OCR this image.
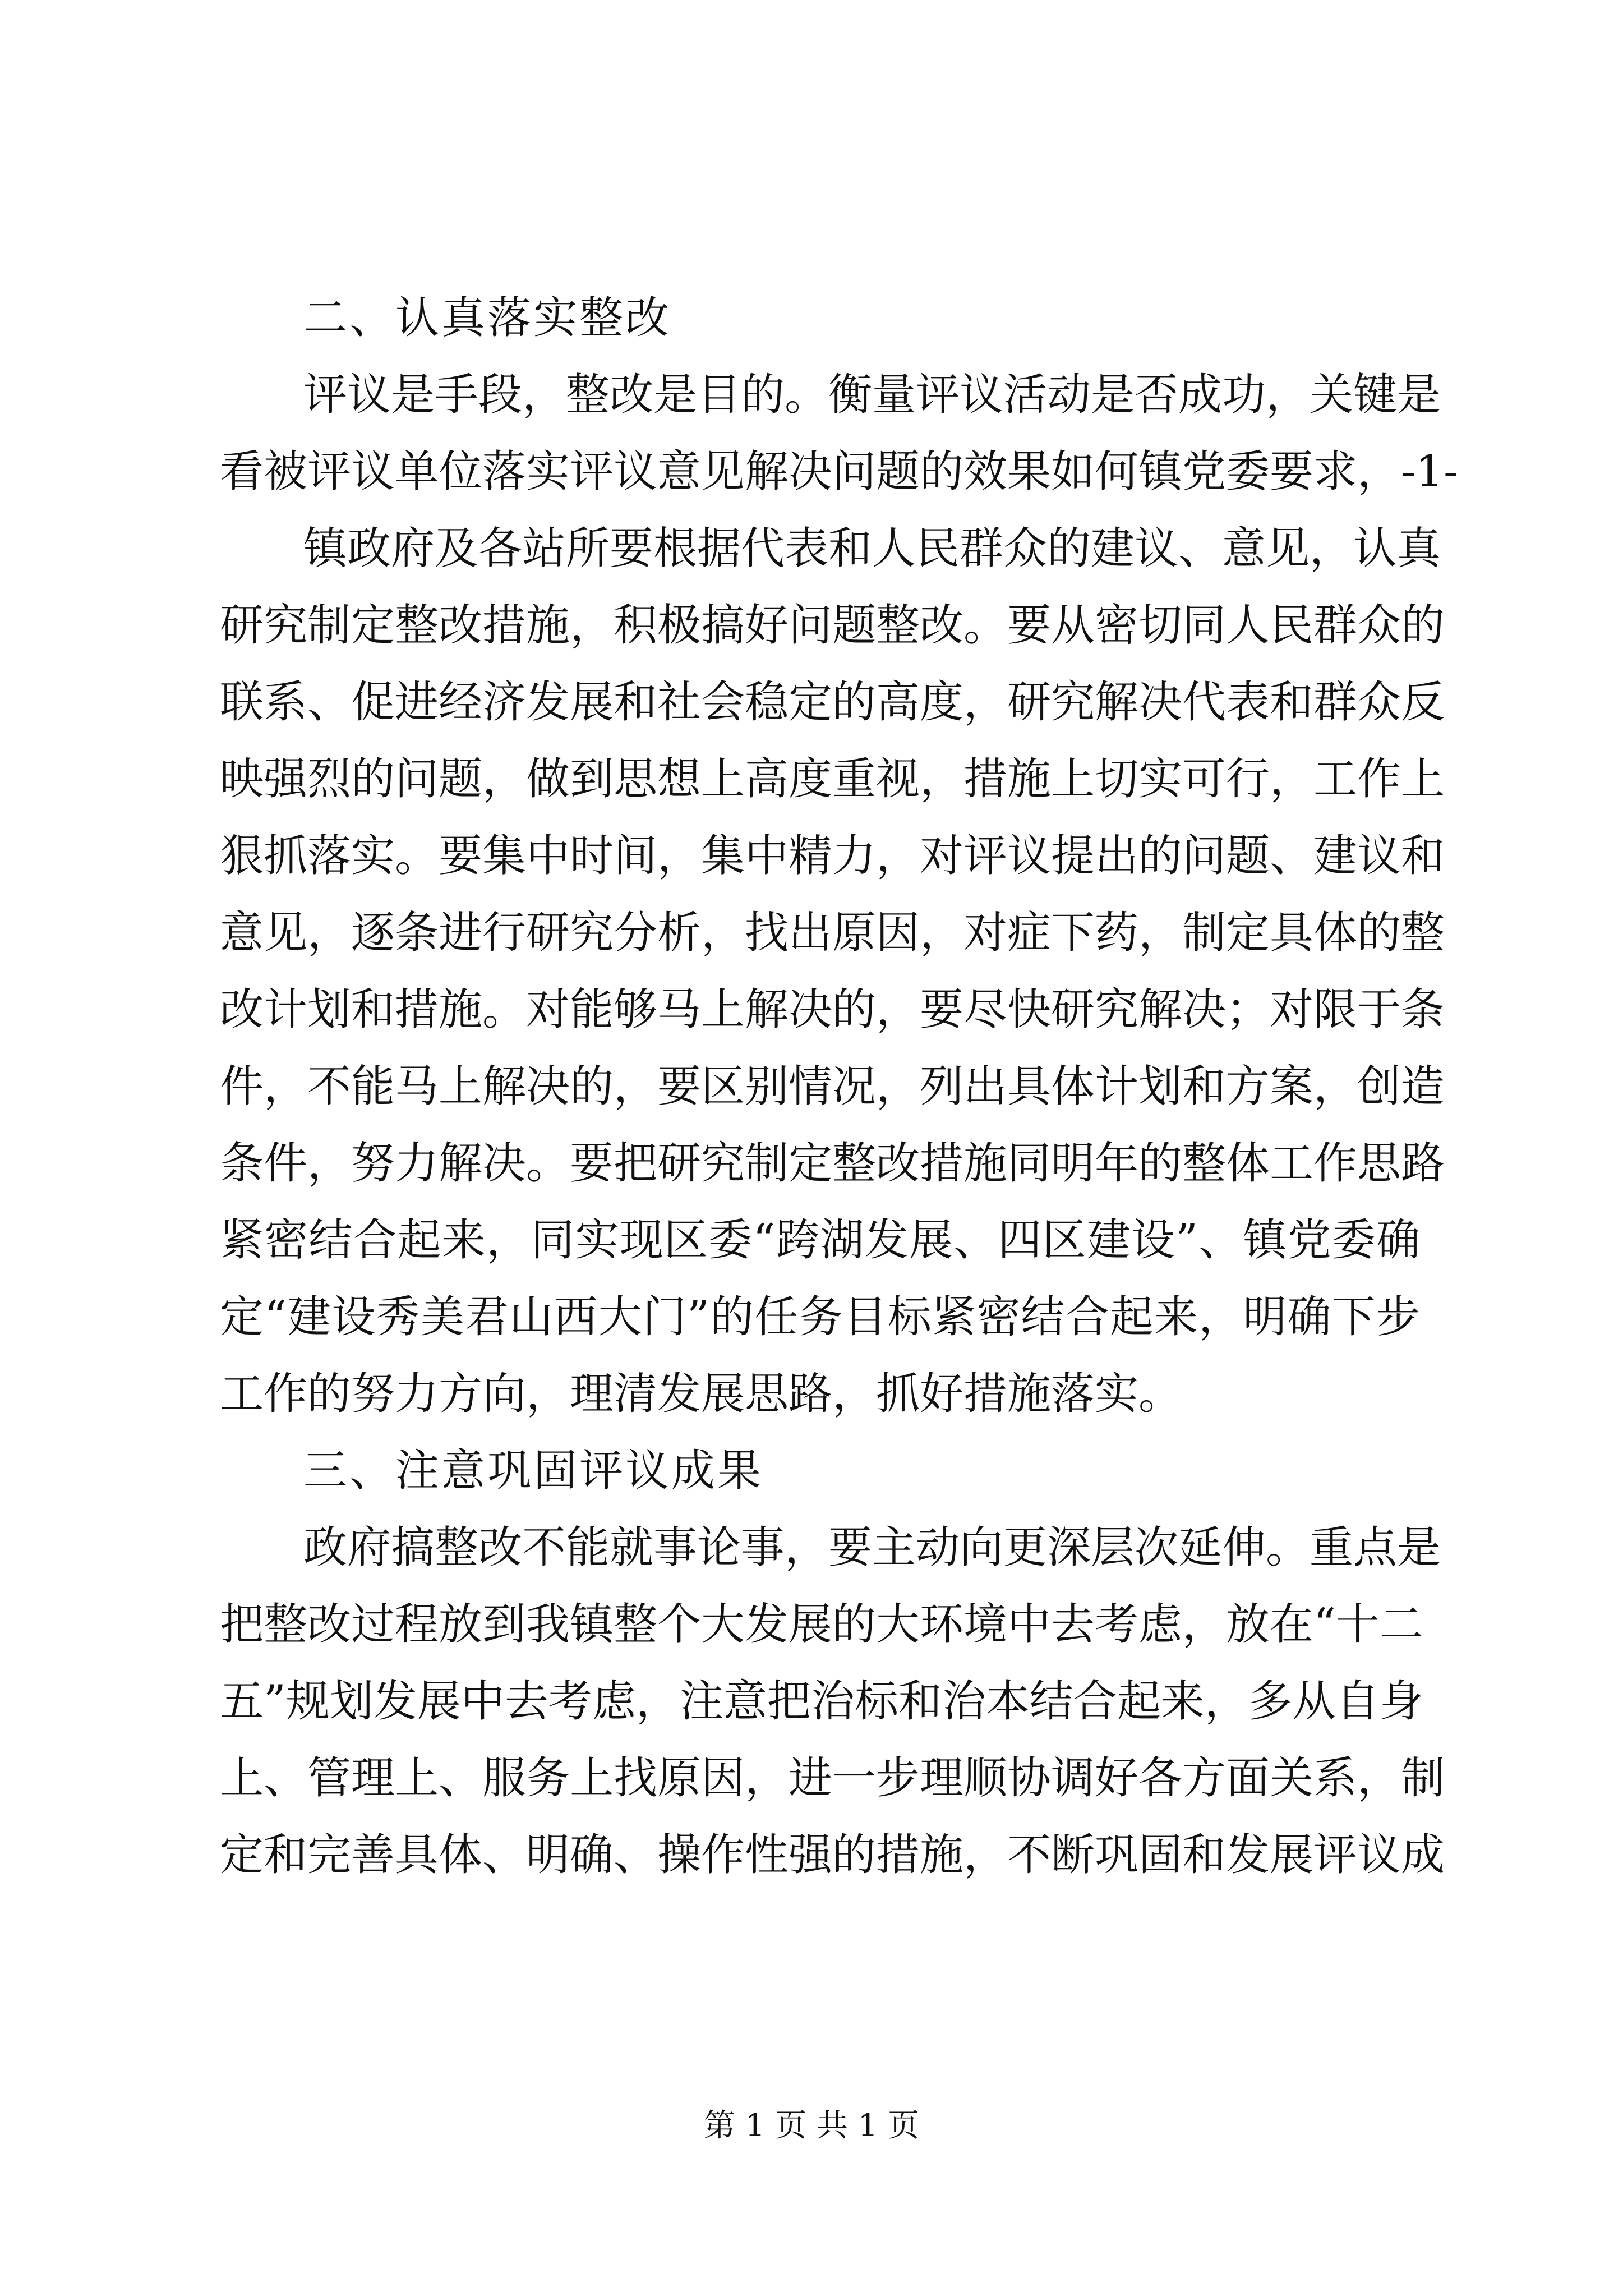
二、认真落实整改
评议是手段，整改是目的。衡量评议活动是否成功，关键是
看被评议单位落实评议意见解决问题的效果如何镇党委要求，-1-
镇政府及各站所要根据代表和人民群众的建议、意见，认真
研究制定整改措施，积极搞好问题整改。要从密切同人民群众的
联系、促进经济发展和社会稳定的高度，研究解决代表和群众反
映强烈的问题，做到思想上高度重视，措施上切实可行，工作上
狠抓落实。要集中时间，集中精力，对评议提出的问题、建议和
意见，逐条进行研究分析，找出原因，对症下药，制定具体的整
改计划和措施。对能够马上解决的，要尽快研究解决；对限于条
件，不能马上解决的，要区别情况，列出具体计划和方案，创造
条件，努力解决。要把研究制定整改措施同明年的整体工作思路
紧密结合起来，同实现区委“跨湖发展、四区建设”、镇党委确
定“建设秀美君山西大门”的任务目标紧密结合起来，明确下步
工作的努力方向，理清发展思路，抓好措施落实。
三、注意巩固评议成果
政府搞整改不能就事论事，要主动向更深层次延伸。重点是
把整改过程放到我镇整个大发展的大环境中去考虑，放在“十二
五”规划发展中去考虑，注意把治标和治本结合起来，多从自身
上、管理上、服务上找原因，进一步理顺协调好各方面关系，制
定和完善具体、明确、操作性强的措施，不断巩固和发展评议成
第 1 页 共 1 页
